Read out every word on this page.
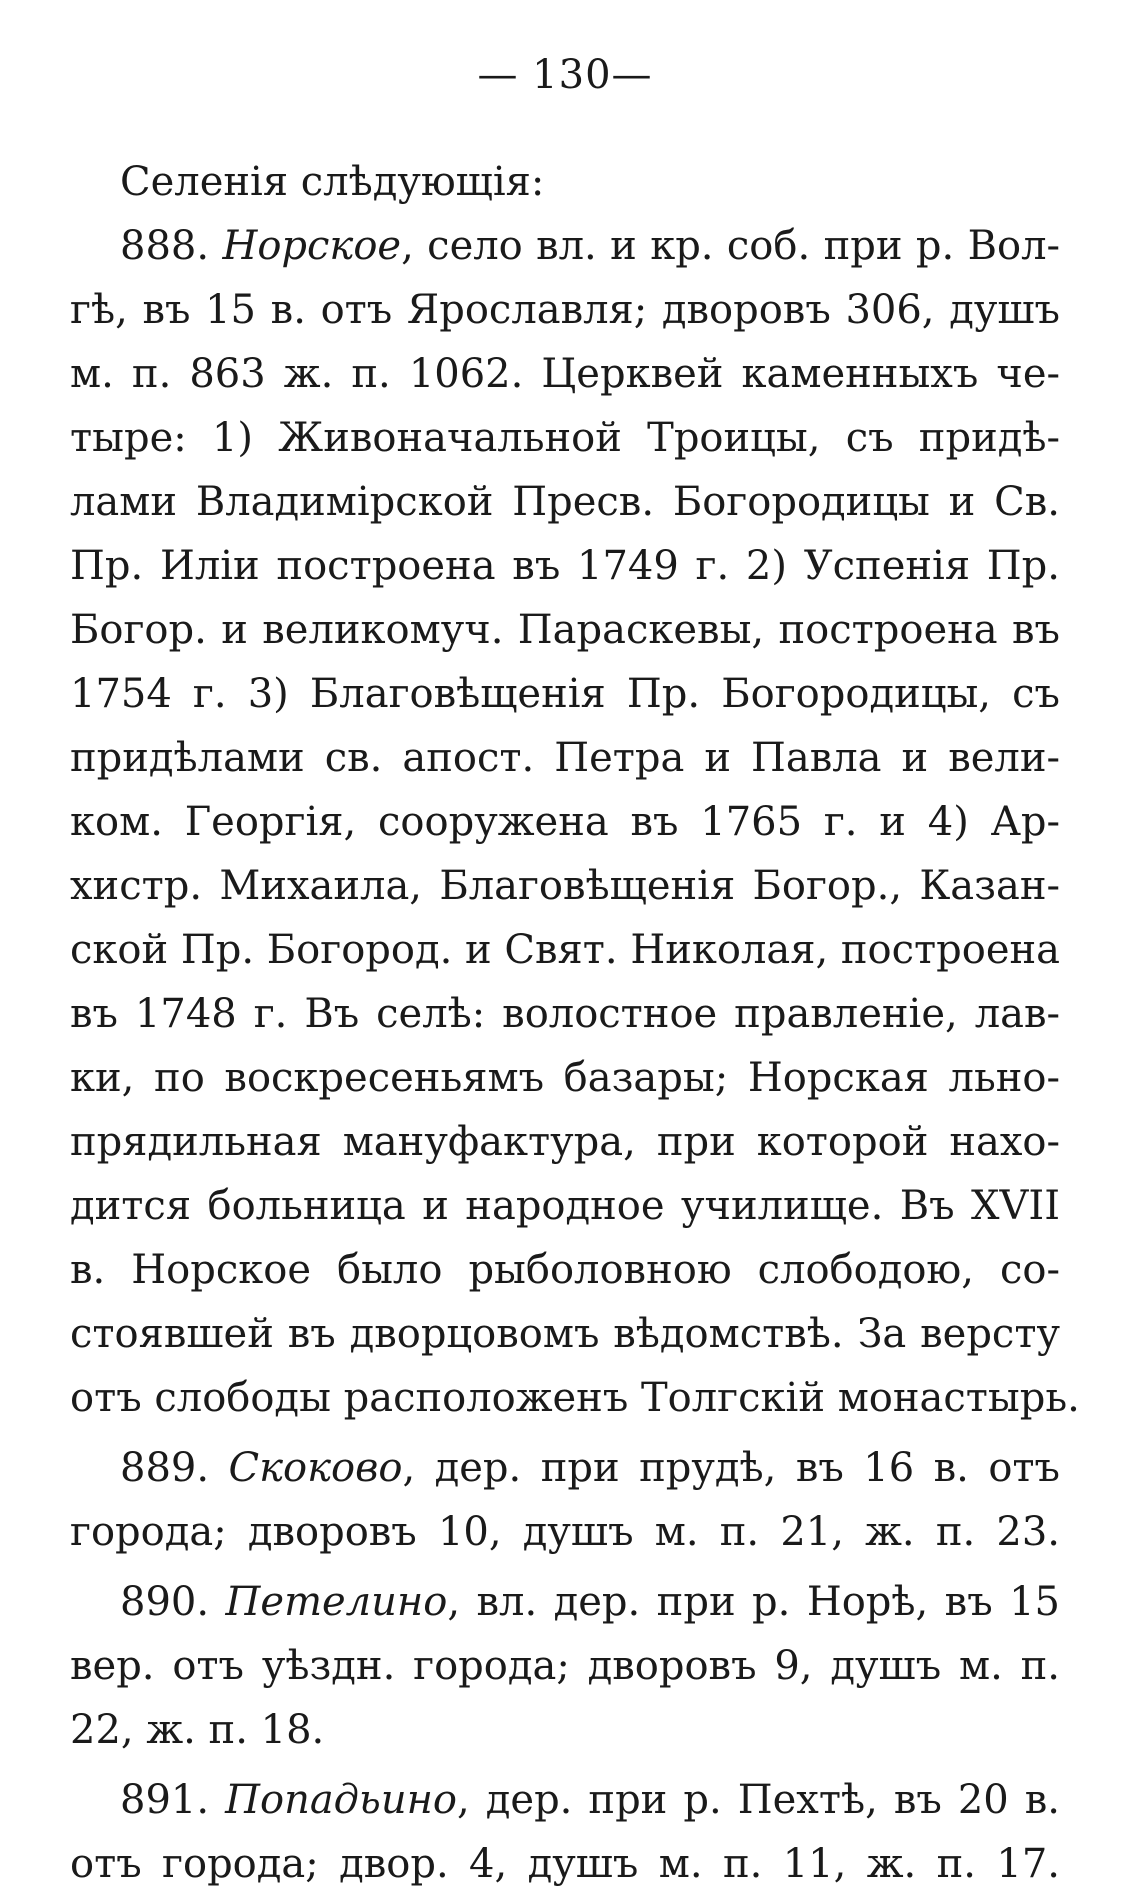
— 130—
Селенія слѣдующія:
888. Норское, село вл. и кр. соб. при р. Вол-
гѣ, въ 15 в. отъ Ярославля; дворовъ 306, душъ
м. п. 863 ж. п. 1062. Церквей каменныхъ че-
тыре: 1) Живоначальной Троицы, съ придѣ-
лами Владимірской Пресв. Богородицы и Св.
Пр. Иліи построена въ 1749 г. 2) Успенія Пр.
Богор. и великомуч. Параскевы, построена въ
1754 г. 3) Благовѣщенія Пр. Богородицы, съ
придѣлами св. апост. Петра и Павла и вели-
ком. Георгія, сооружена въ 1765 г. и 4) Ар-
хистр. Михаила, Благовѣщенія Богор., Казан-
ской Пр. Богород. и Свят. Николая, построена
въ 1748 г. Въ селѣ: волостное правленіе, лав-
ки, по воскресеньямъ базары; Норская льно-
прядильная мануфактура, при которой нахо-
дится больница и народное училище. Въ XVII
в. Норское было рыболовною слободою, со-
стоявшей въ дворцовомъ вѣдомствѣ. За версту
отъ слободы расположенъ Толгскій монастырь.
889. Скоково, дер. при прудѣ, въ 16 в. отъ
города; дворовъ 10, душъ м. п. 21, ж. п. 23.
890. Петелино, вл. дер. при р. Норѣ, въ 15
вер. отъ уѣздн. города; дворовъ 9, душъ м. п.
22, ж. п. 18.
891. Попадьино, дер. при р. Пехтѣ, въ 20 в.
отъ города; двор. 4, душъ м. п. 11, ж. п. 17.
